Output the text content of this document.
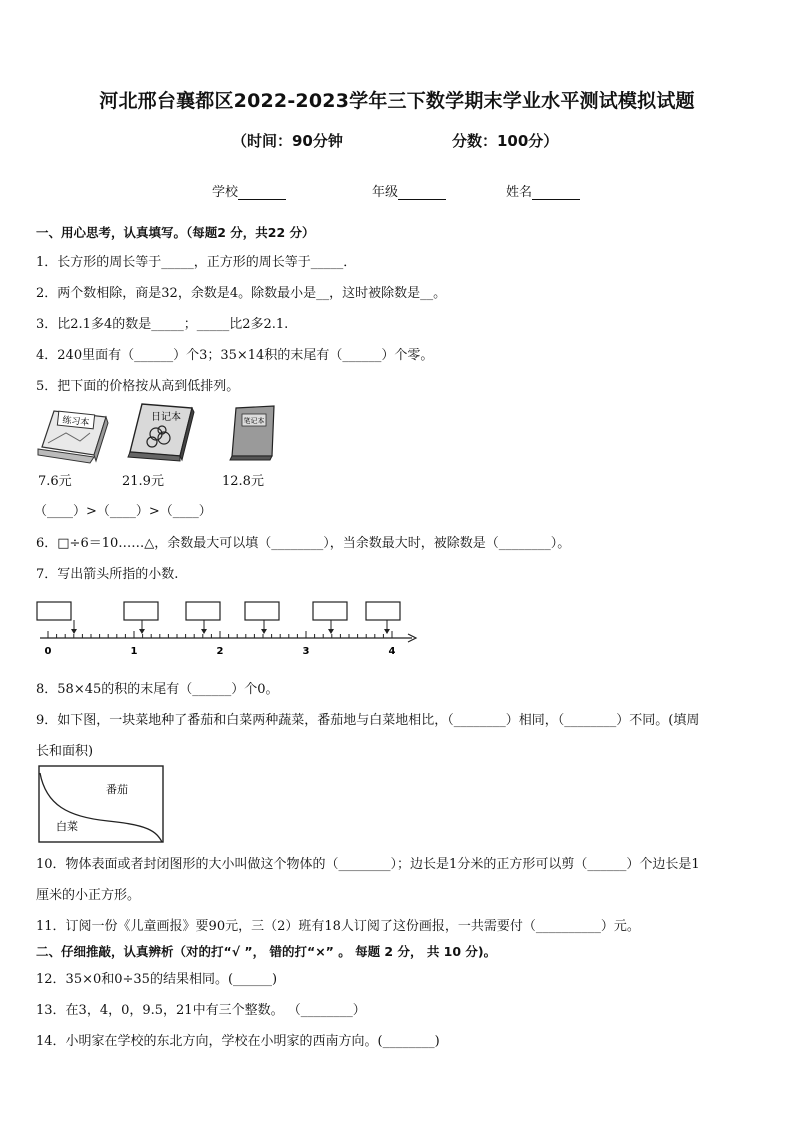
河北邢台襄都区2022-2023学年三下数学期末学业水平测试模拟试题
（时间：90分钟	分数：100分）
学校	年级	姓名
一、用心思考，认真填写。（每题2 分，共22 分）
1．长方形的周长等于_____，正方形的周长等于_____．
2．两个数相除，商是32，余数是4。除数最小是__，这时被除数是__。
3．比2.1多4的数是_____；_____比2多2.1.
4．240里面有（______）个3；35×14积的末尾有（______）个零。
5．把下面的价格按从高到低排列。
练习本	日记本	笔记本
7.6元	21.9元	12.8元
（____）>（____）>（____）
6．□÷6＝10……△，余数最大可以填（________），当余数最大时，被除数是（________）。
7．写出箭头所指的小数.
0	1	2	3	4
8．58×45的积的末尾有（______）个0。
9．如下图，一块菜地种了番茄和白菜两种蔬菜，番茄地与白菜地相比，（________）相同，（________）不同。(填周
长和面积)
番茄
白菜
10．物体表面或者封闭图形的大小叫做这个物体的（________）；边长是1分米的正方形可以剪（______）个边长是1
厘米的小正方形。
11．订阅一份《儿童画报》要90元，三（2）班有18人订阅了这份画报，一共需要付（__________）元。
二、仔细推敲，认真辨析（对的打“√ ”， 错的打“×” 。 每题 2 分， 共 10 分)。
12．35×0和0÷35的结果相同。(______)
13．在3，4，0，9.5，21中有三个整数。 （________）
14．小明家在学校的东北方向，学校在小明家的西南方向。(________)
